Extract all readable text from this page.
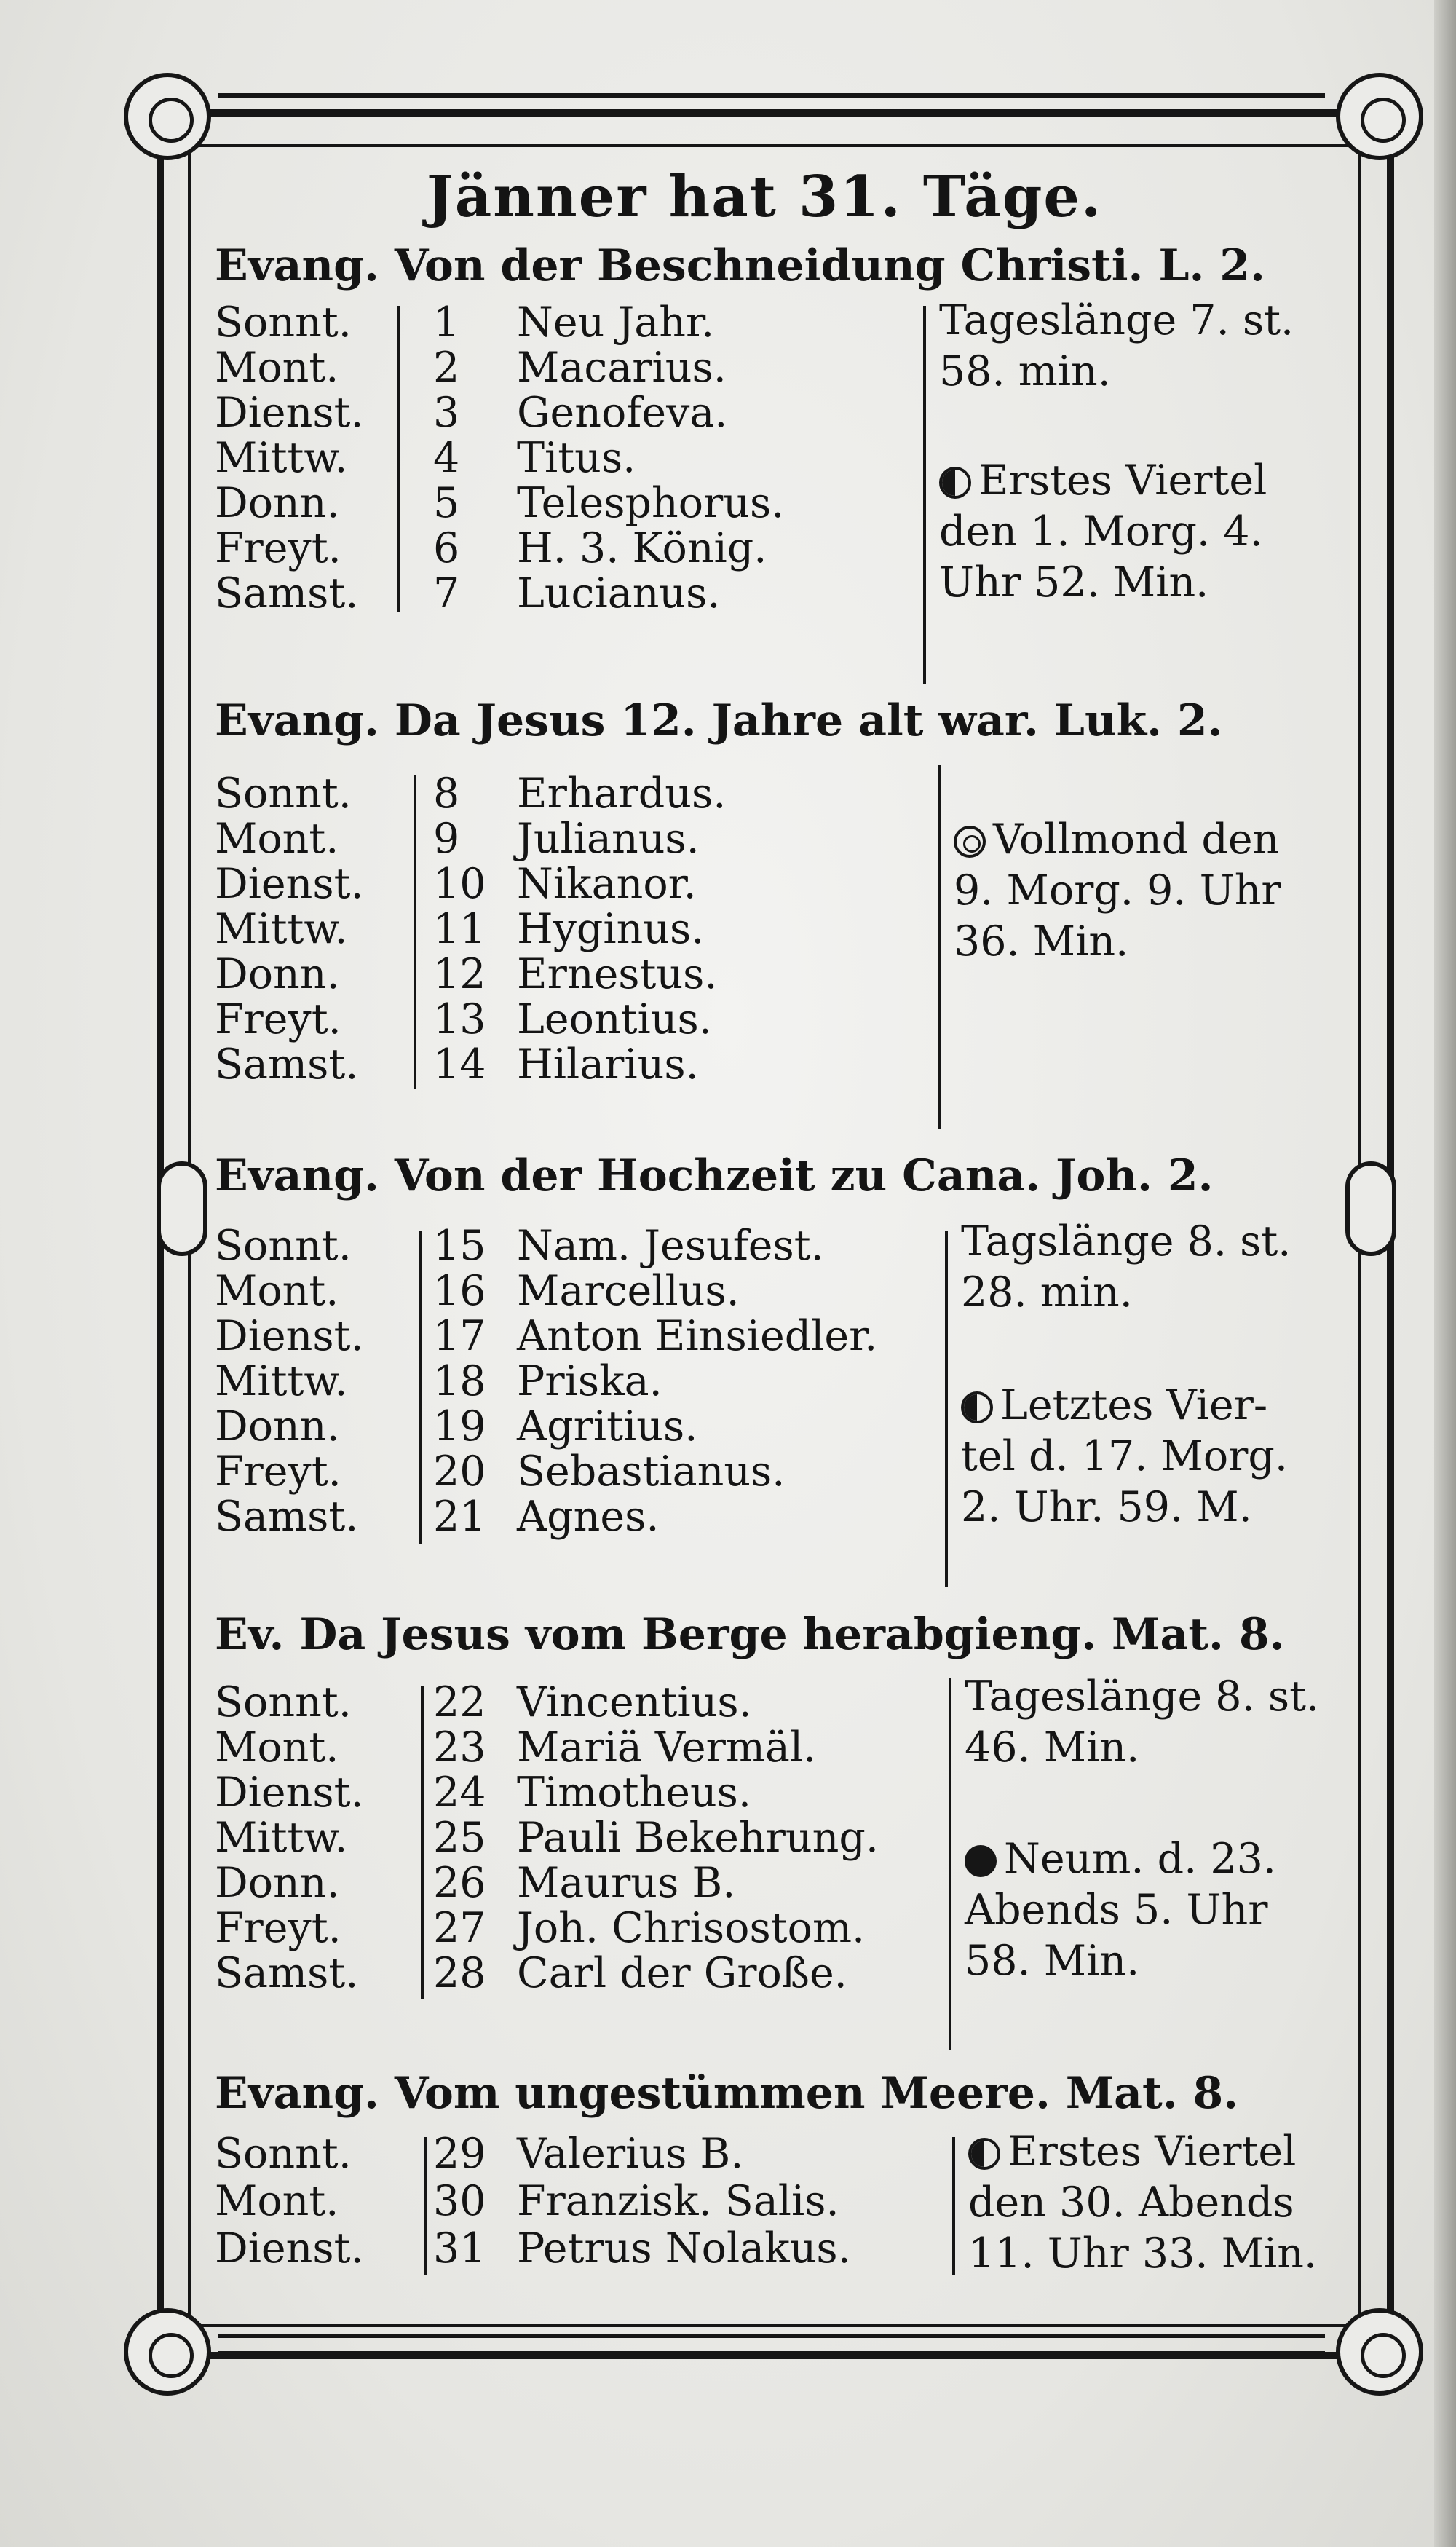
Jänner hat 31. Täge.
Evang. Von der Beschneidung Christi. L. 2.
Sonnt.	1	Neu Jahr.
Mont.	2	Macarius.
Dienst.	3	Genofeva.
Mittw.	4	Titus.
Donn.	5	Telesphorus.
Freyt.	6	H. 3. König.
Samst.	7	Lucianus.
Tageslänge 7. st.
58. min.
Erstes Viertel
den 1. Morg. 4.
Uhr 52. Min.
Evang. Da Jesus 12. Jahre alt war. Luk. 2.
Sonnt.	8	Erhardus.
Mont.	9	Julianus.
Dienst.	10 Nikanor.
Mittw.	11 Hyginus.
Donn.	12 Ernestus.
Freyt.	13 Leontius.
Samst.	14 Hilarius.
Vollmond den
9. Morg. 9. Uhr
36. Min.
Evang. Von der Hochzeit zu Cana. Joh. 2.
Sonnt.	15 Nam. Jesufest.
Mont.	16 Marcellus.
Dienst.	17 Anton Einsiedler.
Mittw.	18 Priska.
Donn.	19 Agritius.
Freyt.	20 Sebastianus.
Samst.	21 Agnes.
Tagslänge 8. st.
28. min.
Letztes Vier-
tel d. 17. Morg.
2. Uhr. 59. M.
Ev. Da Jesus vom Berge herabgieng. Mat. 8.
Sonnt.	22 Vincentius.
Mont.	23 Mariä Vermäl.
Dienst.	24 Timotheus.
Mittw.	25 Pauli Bekehrung.
Donn.	26 Maurus B.
Freyt.	27 Joh. Chrisostom.
Samst.	28 Carl der Große.
Tageslänge 8. st.
46. Min.
Neum. d. 23.
Abends 5. Uhr
58. Min.
Evang. Vom ungestümmen Meere. Mat. 8.
Sonnt.	29 Valerius B.
Mont.	30 Franzisk. Salis.
Dienst.	31 Petrus Nolakus.
Erstes Viertel
den 30. Abends
11. Uhr 33. Min.
